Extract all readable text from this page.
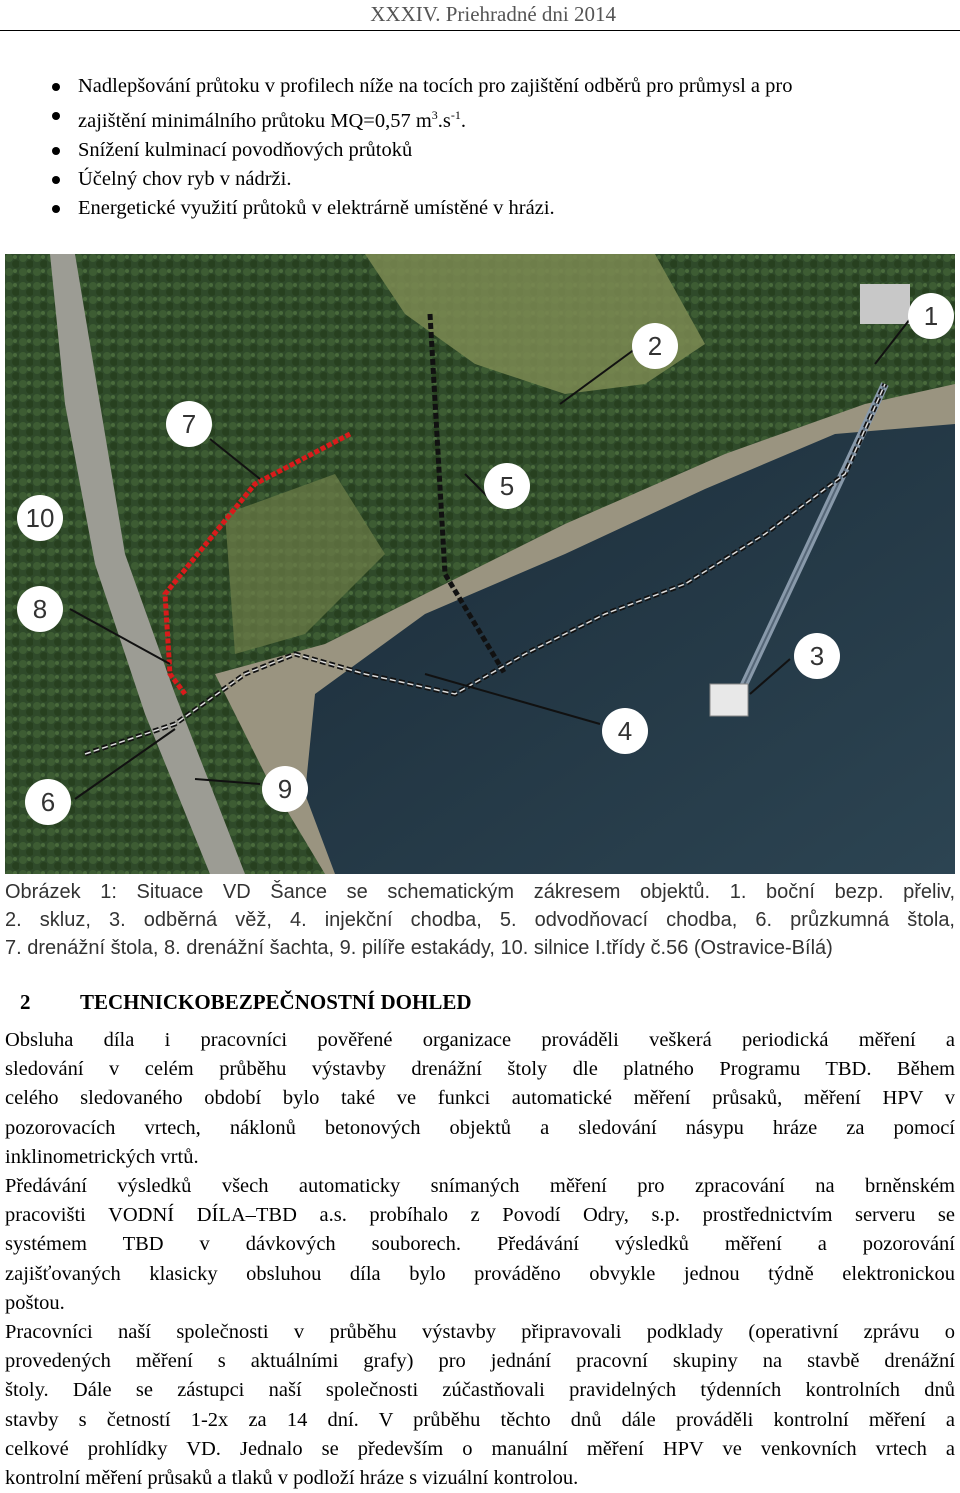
XXXIV. Priehradné dni 2014
Nadlepšování průtoku v profilech níže na tocích pro zajištění odběrů pro průmysl a pro
zajištění minimálního průtoku MQ=0,57 $m^3.s^{-1}$.
Snížení kulminací povodňových průtoků
Účelný chov ryb v nádrži.
Energetické využití průtoků v elektrárně umístěné v hrázi.
1
2
3
4
5
6
7
8
9
10
Obrázek 1: Situace VD Šance se schematickým zákresem objektů. 1. boční bezp. přeliv,
2. skluz, 3. odběrná věž, 4. injekční chodba, 5. odvodňovací chodba, 6. průzkumná štola,
7. drenážní štola, 8. drenážní šachta, 9. pilíře estakády, 10. silnice I.třídy č.56 (Ostravice-Bílá)
2 TECHNICKOBEZPEČNOSTNÍ DOHLED

Obsluha díla i pracovníci pověřené organizace prováděli veškerá periodická měření a
sledování v celém průběhu výstavby drenážní štoly dle platného Programu TBD. Během
celého sledovaného období bylo také ve funkci automatické měření průsaků, měření HPV v
pozorovacích vrtech, náklonů betonových objektů a sledování násypu hráze za pomocí
inklinometrických vrtů.

Předávání výsledků všech automaticky snímaných měření pro zpracování na brněnském
pracovišti VODNÍ DÍLA–TBD a.s. probíhalo z Povodí Odry, s.p. prostřednictvím serveru se
systémem TBD v dávkových souborech. Předávání výsledků měření a pozorování
zajišťovaných klasicky obsluhou díla bylo prováděno obvykle jednou týdně elektronickou
poštou.

Pracovníci naší společnosti v průběhu výstavby připravovali podklady (operativní zprávu o
provedených měření s aktuálními grafy) pro jednání pracovní skupiny na stavbě drenážní
štoly. Dále se zástupci naší společnosti zúčastňovali pravidelných týdenních kontrolních dnů
stavby s četností 1-2x za 14 dní. V průběhu těchto dnů dále prováděli kontrolní měření a
celkové prohlídky VD. Jednalo se především o manuální měření HPV ve venkovních vrtech a
kontrolní měření průsaků a tlaků v podloží hráze s vizuální kontrolou.
